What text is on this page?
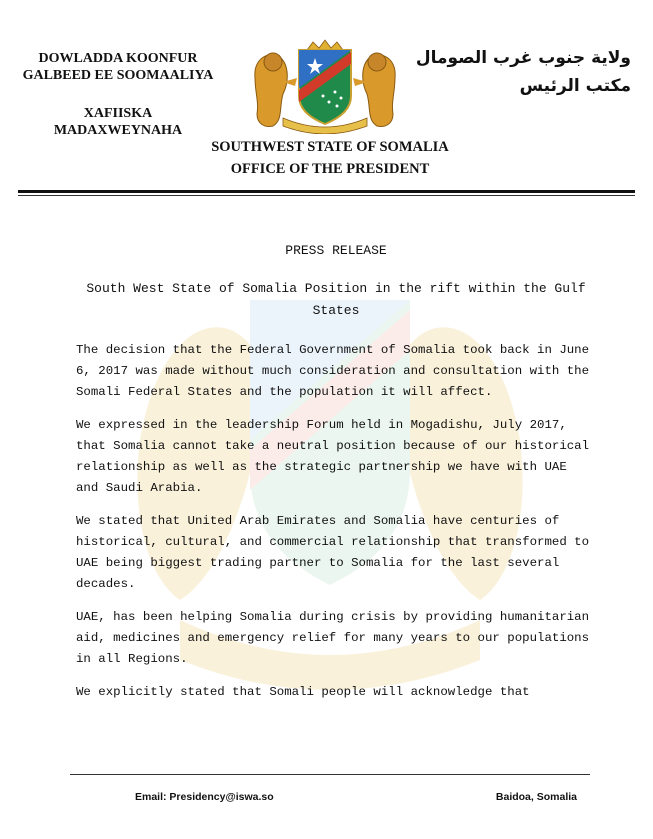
DOWLADDA KOONFUR
GALBEED EE SOOMAALIYA
XAFIISKA
MADAXWEYNAHA
ولاية جنوب غرب الصومال
مكتب الرئيس
SOUTHWEST STATE OF SOMALIA
OFFICE OF THE PRESIDENT
PRESS RELEASE
South West State of Somalia Position in the rift within the Gulf States

The decision that the Federal Government of Somalia took back in June 6, 2017 was made without much consideration and consultation with the Somali Federal States and the population it will affect.

We expressed in the leadership Forum held in Mogadishu, July 2017, that Somalia cannot take a neutral position because of our historical relationship as well as the strategic partnership we have with UAE and Saudi Arabia.

We stated that United Arab Emirates and Somalia have centuries of historical, cultural, and commercial relationship that transformed to UAE being biggest trading partner to Somalia for the last several decades.

UAE, has been helping Somalia during crisis by providing humanitarian aid, medicines and emergency relief for many years to our populations in all Regions.

We explicitly stated that Somali people will acknowledge that

Email: Presidency@iswa.so	Baidoa, Somalia
